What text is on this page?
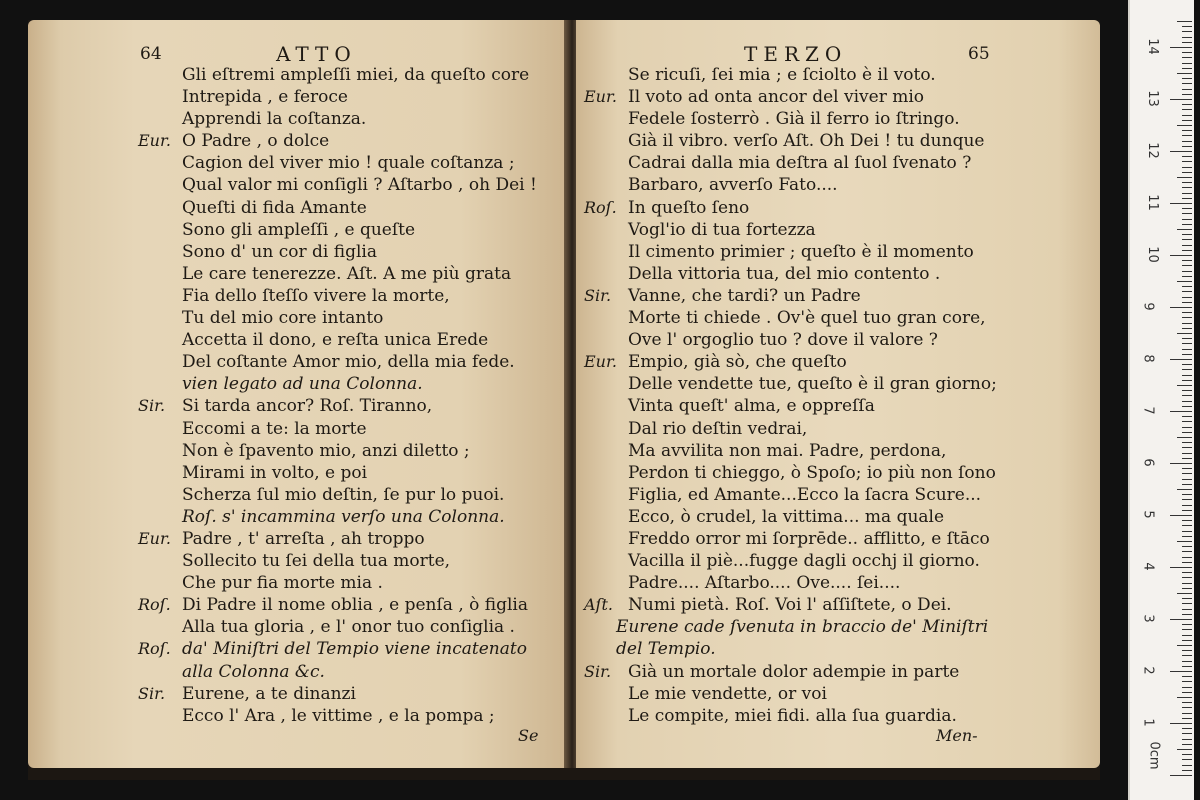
64	ATTO
Gli eſtremi ampleſſi miei, da queſto core
Intrepida , e feroce
Apprendi la coſtanza.
Eur. O Padre , o dolce
Cagion del viver mio ! quale coſtanza ;
Qual valor mi conſigli ? Aſtarbo , oh Dei !
Queſti di fida Amante
Sono gli ampleſſi , e queſte
Sono d' un cor di figlia
Le care tenerezze. Aſt. A me più grata
Fia dello ſteſſo vivere la morte,
Tu del mio core intanto
Accetta il dono, e reſta unica Erede
Del coſtante Amor mio, della mia fede.
vien legato ad una Colonna.
Sir. Si tarda ancor? Roſ. Tiranno,
Eccomi a te: la morte
Non è ſpavento mio, anzi diletto ;
Mirami in volto, e poi
Scherza ſul mio deſtin, ſe pur lo puoi.
Roſ. s' incammina verſo una Colonna.
Eur. Padre , t' arreſta , ah troppo
Sollecito tu ſei della tua morte,
Che pur fia morte mia .
Roſ. Di Padre il nome oblia , e penſa , ò figlia
Alla tua gloria , e l' onor tuo conſiglia .
Roſ. da' Miniſtri del Tempio viene incatenato
alla Colonna &c.
Sir. Eurene, a te dinanzi
Ecco l' Ara , le vittime , e la pompa ;
Se
TERZO	65
Se ricuſi, ſei mia ; e ſciolto è il voto.
Eur. Il voto ad onta ancor del viver mio
Fedele ſosterrò . Già il ferro io ſtringo.
Già il vibro. verſo Aſt. Oh Dei ! tu dunque
Cadrai dalla mia deſtra al ſuol ſvenato ?
Barbaro, avverſo Fato....
Roſ. In queſto ſeno
Vogl'io di tua fortezza
Il cimento primier ; queſto è il momento
Della vittoria tua, del mio contento .
Sir. Vanne, che tardi? un Padre
Morte ti chiede . Ov'è quel tuo gran core,
Ove l' orgoglio tuo ? dove il valore ?
Eur. Empio, già sò, che queſto
Delle vendette tue, queſto è il gran giorno;
Vinta queſt' alma, e oppreſſa
Dal rio deſtin vedrai,
Ma avvilita non mai. Padre, perdona,
Perdon ti chieggo, ò Spoſo; io più non ſono
Figlia, ed Amante...Ecco la ſacra Scure...
Ecco, ò crudel, la vittima... ma quale
Freddo orror mi ſorprēde.. afflitto, e ſtāco
Vacilla il piè...fugge dagli occhj il giorno.
Padre.... Aſtarbo.... Ove.... ſei....
Aſt. Numi pietà. Roſ. Voi l' aſſiſtete, o Dei.
Eurene cade ſvenuta in braccio de' Miniſtri
del Tempio.
Sir. Già un mortale dolor adempie in parte
Le mie vendette, or voi
Le compite, miei fidi. alla ſua guardia.
Men-
0cm
1
2
3
4
5
6
7
8
9
10
11
12
13
14
